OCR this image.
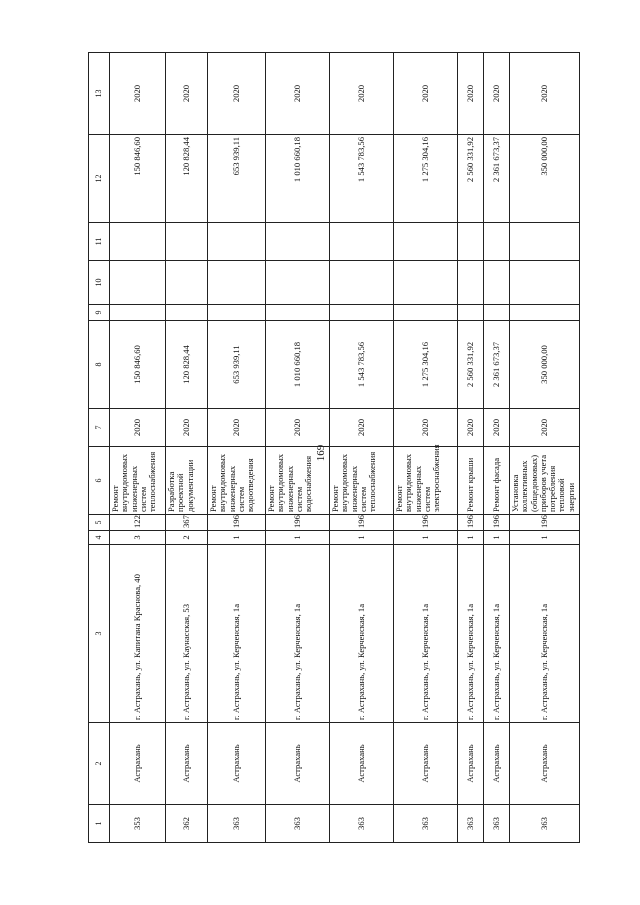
169
1	2	3	4	5	6	7	8	9	10	11	12	13
353	Астрахань	г. Астрахань, ул. Капитана Краснова, 40	3	122	Ремонт внутридомовых инженерных систем теплоснабжения	2020	150 846,60				150 846,60	2020
362	Астрахань	г. Астрахань, ул. Каунасская, 53	2	367	Разработка проектной документации	2020	120 828,44				120 828,44	2020
363	Астрахань	г. Астрахань, ул. Керченская, 1а	1	196	Ремонт внутридомовых инженерных систем водоотведения	2020	653 939,11				653 939,11	2020
363	Астрахань	г. Астрахань, ул. Керченская, 1а	1	196	Ремонт внутридомовых инженерных систем водоснабжения	2020	1 010 660,18				1 010 660,18	2020
363	Астрахань	г. Астрахань, ул. Керченская, 1а	1	196	Ремонт внутридомовых инженерных систем теплоснабжения	2020	1 543 783,56				1 543 783,56	2020
363	Астрахань	г. Астрахань, ул. Керченская, 1а	1	196	Ремонт внутридомовых инженерных систем электроснабжения	2020	1 275 304,16				1 275 304,16	2020
363	Астрахань	г. Астрахань, ул. Керченская, 1а	1	196	Ремонт крыши	2020	2 560 331,92				2 560 331,92	2020
363	Астрахань	г. Астрахань, ул. Керченская, 1а	1	196	Ремонт фасада	2020	2 361 673,37				2 361 673,37	2020
363	Астрахань	г. Астрахань, ул. Керченская, 1а	1	196	Установка коллективных (общедомовых) приборов учета потребления тепловой энергии	2020	350 000,00				350 000,00	2020
